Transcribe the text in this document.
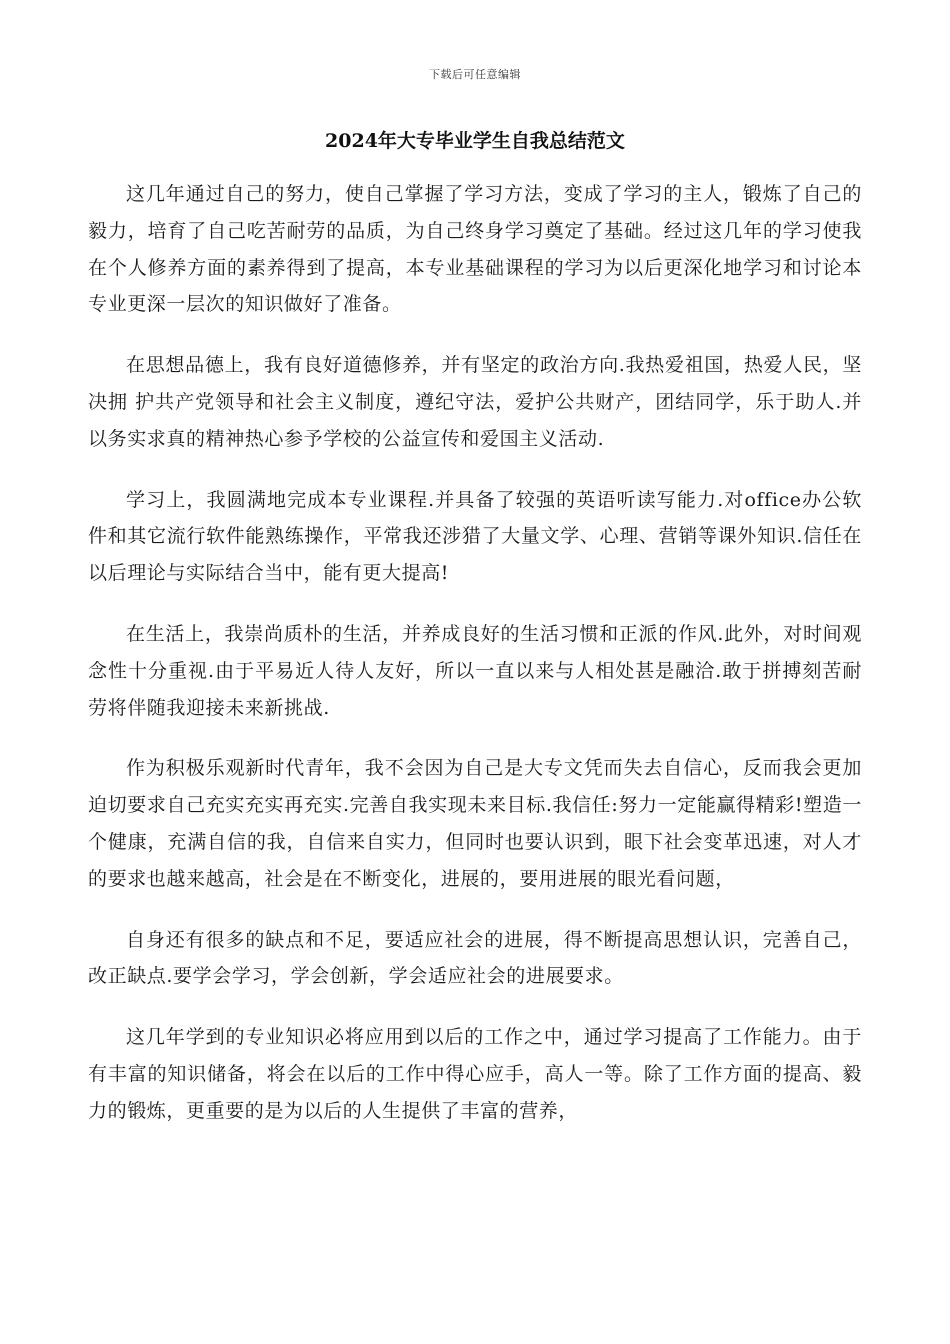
下载后可任意编辑
2024年大专毕业学生自我总结范文

这几年通过自己的努力，使自己掌握了学习方法，变成了学习的主人，锻炼了自己的毅力，培育了自己吃苦耐劳的品质，为自己终身学习奠定了基础。经过这几年的学习使我在个人修养方面的素养得到了提高，本专业基础课程的学习为以后更深化地学习和讨论本专业更深一层次的知识做好了准备。

在思想品德上，我有良好道德修养，并有坚定的政治方向.我热爱祖国，热爱人民，坚决拥 护共产党领导和社会主义制度，遵纪守法，爱护公共财产，团结同学，乐于助人.并以务实求真的精神热心参予学校的公益宣传和爱国主义活动.

学习上，我圆满地完成本专业课程.并具备了较强的英语听读写能力.对office办公软件和其它流行软件能熟练操作，平常我还涉猎了大量文学、心理、营销等课外知识.信任在以后理论与实际结合当中，能有更大提高!

在生活上，我崇尚质朴的生活，并养成良好的生活习惯和正派的作风.此外，对时间观念性十分重视.由于平易近人待人友好，所以一直以来与人相处甚是融洽.敢于拼搏刻苦耐劳将伴随我迎接未来新挑战.

作为积极乐观新时代青年，我不会因为自己是大专文凭而失去自信心，反而我会更加迫切要求自己充实充实再充实.完善自我实现未来目标.我信任:努力一定能赢得精彩!塑造一个健康，充满自信的我，自信来自实力，但同时也要认识到，眼下社会变革迅速，对人才的要求也越来越高，社会是在不断变化，进展的，要用进展的眼光看问题，

自身还有很多的缺点和不足，要适应社会的进展，得不断提高思想认识，完善自己， 改正缺点.要学会学习，学会创新，学会适应社会的进展要求。

这几年学到的专业知识必将应用到以后的工作之中，通过学习提高了工作能力。由于有丰富的知识储备，将会在以后的工作中得心应手，高人一等。除了工作方面的提高、毅力的锻炼，更重要的是为以后的人生提供了丰富的营养，
